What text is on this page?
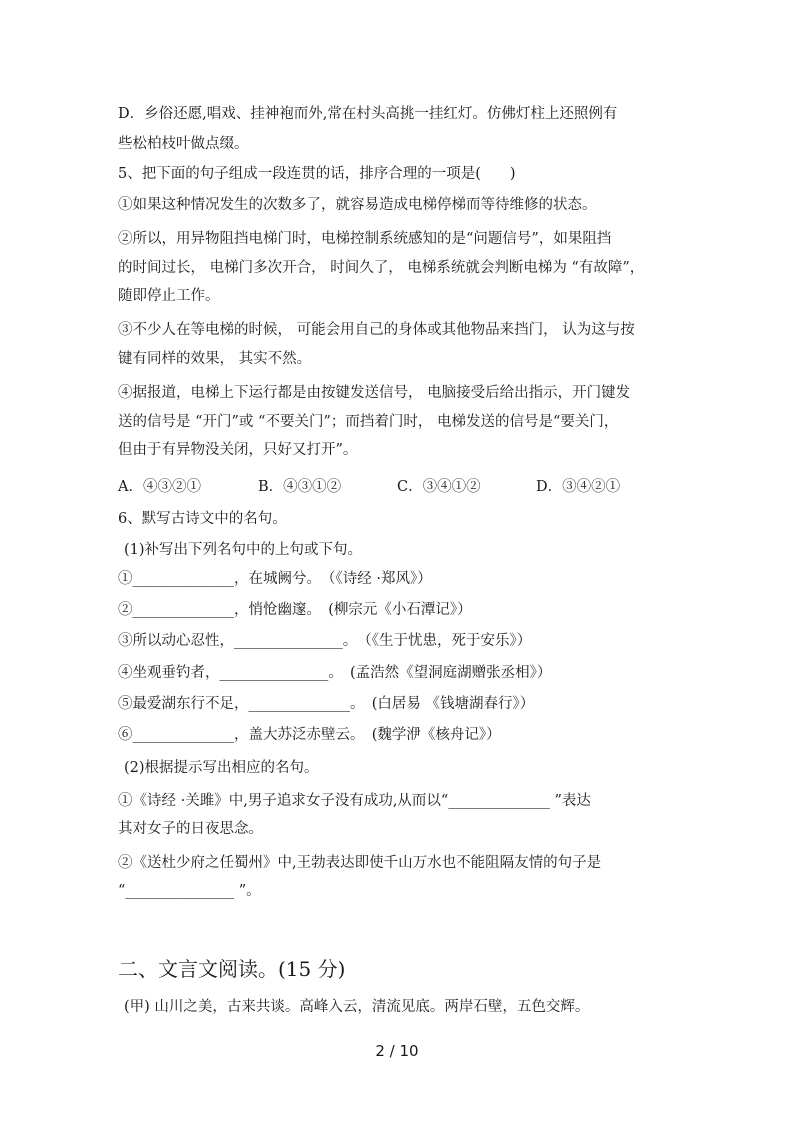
D．乡俗还愿,唱戏、挂神袍而外,常在村头高挑一挂红灯。仿佛灯柱上还照例有
些松柏枝叶做点缀。
5、把下面的句子组成一段连贯的话，排序合理的一项是(　　)
①如果这种情况发生的次数多了，就容易造成电梯停梯而等待维修的状态。
②所以，用异物阻挡电梯门时，电梯控制系统感知的是“问题信号”，如果阻挡
的时间过长， 电梯门多次开合， 时间久了， 电梯系统就会判断电梯为 “有故障”，
随即停止工作。
③不少人在等电梯的时候， 可能会用自己的身体或其他物品来挡门， 认为这与按
键有同样的效果， 其实不然。
④据报道，电梯上下运行都是由按键发送信号， 电脑接受后给出指示，开门键发
送的信号是 “开门”或 “不要关门”；而挡着门时， 电梯发送的信号是“要关门，
但由于有异物没关闭，只好又打开”。
A．④③②①	B．④③①②	C．③④①②	D．③④②①
6、默写古诗文中的名句。
(1)补写出下列名句中的上句或下句。
①______________，在城阙兮。　（《诗经 ·郑风》）
②______________，悄怆幽邃。　(柳宗元《小石潭记》）
③所以动心忍性，_______________。　（《生于忧患，死于安乐》）
④坐观垂钓者，_______________。　(孟浩然《望洞庭湖赠张丞相》）
⑤最爱湖东行不足，______________。　(白居易 《钱塘湖春行》）
⑥______________，盖大苏泛赤壁云。　(魏学洢《核舟记》）
(2)根据提示写出相应的名句。
①《诗经 ·关雎》中,男子追求女子没有成功,从而以“______________ ”表达
其对女子的日夜思念。
②《送杜少府之任蜀州》中,王勃表达即使千山万水也不能阻隔友情的句子是
“_______________ ”。
二、文言文阅读。(15 分)
(甲) 山川之美，古来共谈。高峰入云，清流见底。两岸石壁，五色交辉。
2 / 10
